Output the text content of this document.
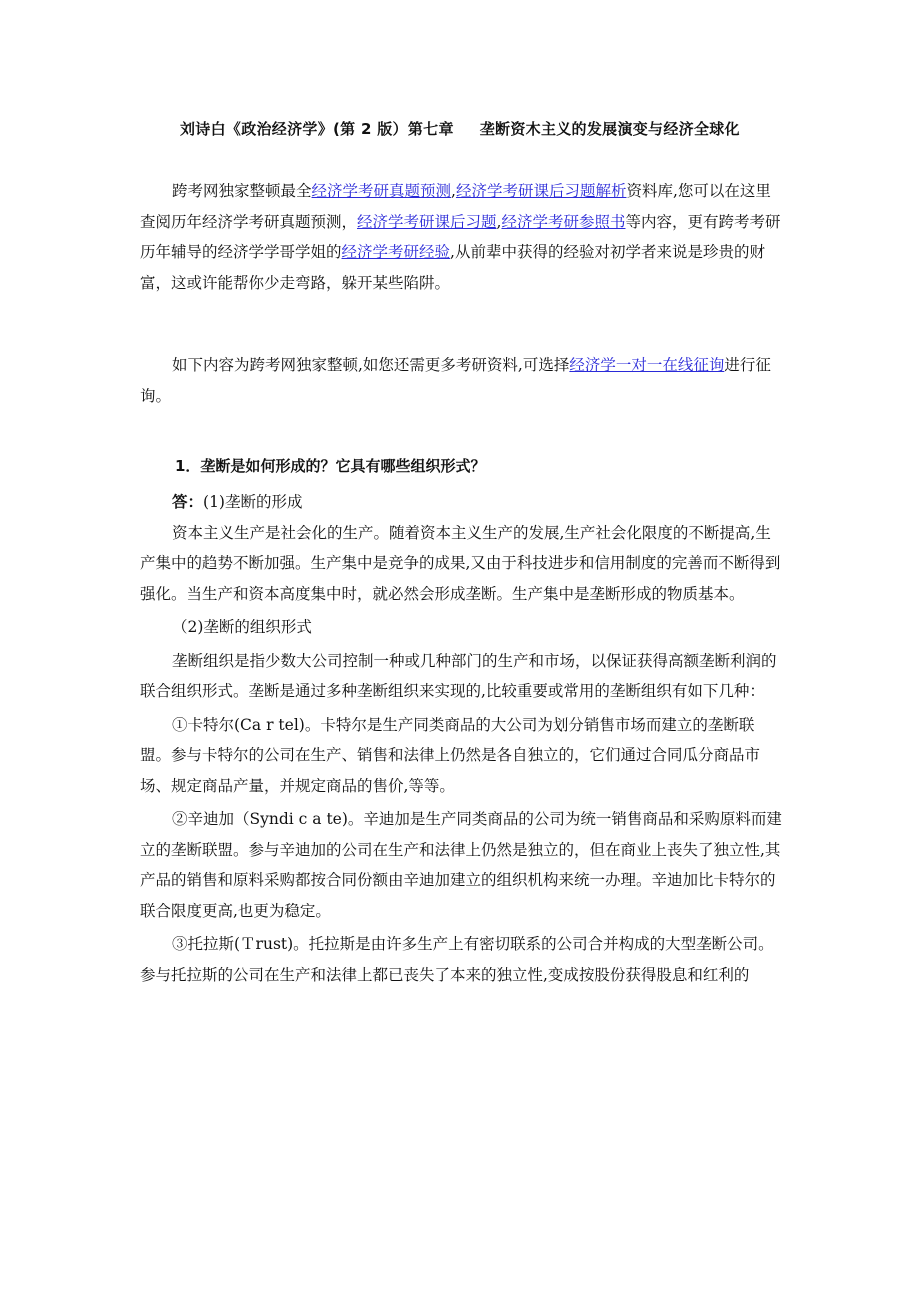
刘诗白《政治经济学》(第 2 版）第七章 垄断资木主义的发展演变与经济全球化

跨考网独家整顿最全经济学考研真题预测,经济学考研课后习题解析资料库,您可以在这里查阅历年经济学考研真题预测，经济学考研课后习题,经济学考研参照书等内容，更有跨考考研历年辅导的经济学学哥学姐的经济学考研经验,从前辈中获得的经验对初学者来说是珍贵的财富，这或许能帮你少走弯路，躲开某些陷阱。

如下内容为跨考网独家整顿,如您还需更多考研资料,可选择经济学一对一在线征询进行征询。

1．垄断是如何形成的？它具有哪些组织形式？

答：(1)垄断的形成

资本主义生产是社会化的生产。随着资本主义生产的发展,生产社会化限度的不断提高,生产集中的趋势不断加强。生产集中是竞争的成果,又由于科技进步和信用制度的完善而不断得到强化。当生产和资本高度集中时，就必然会形成垄断。生产集中是垄断形成的物质基本。

（2)垄断的组织形式

垄断组织是指少数大公司控制一种或几种部门的生产和市场，以保证获得高额垄断利润的联合组织形式。垄断是通过多种垄断组织来实现的,比较重要或常用的垄断组织有如下几种：

①卡特尔(Ca r tel)。卡特尔是生产同类商品的大公司为划分销售市场而建立的垄断联盟。参与卡特尔的公司在生产、销售和法律上仍然是各自独立的，它们通过合同瓜分商品市场、规定商品产量，并规定商品的售价,等等。

②辛迪加（Syndi c a te)。辛迪加是生产同类商品的公司为统一销售商品和采购原料而建立的垄断联盟。参与辛迪加的公司在生产和法律上仍然是独立的，但在商业上丧失了独立性,其产品的销售和原料采购都按合同份额由辛迪加建立的组织机构来统一办理。辛迪加比卡特尔的联合限度更高,也更为稳定。

③托拉斯(Ｔrust)。托拉斯是由许多生产上有密切联系的公司合并构成的大型垄断公司。参与托拉斯的公司在生产和法律上都已丧失了本来的独立性,变成按股份获得股息和红利的
